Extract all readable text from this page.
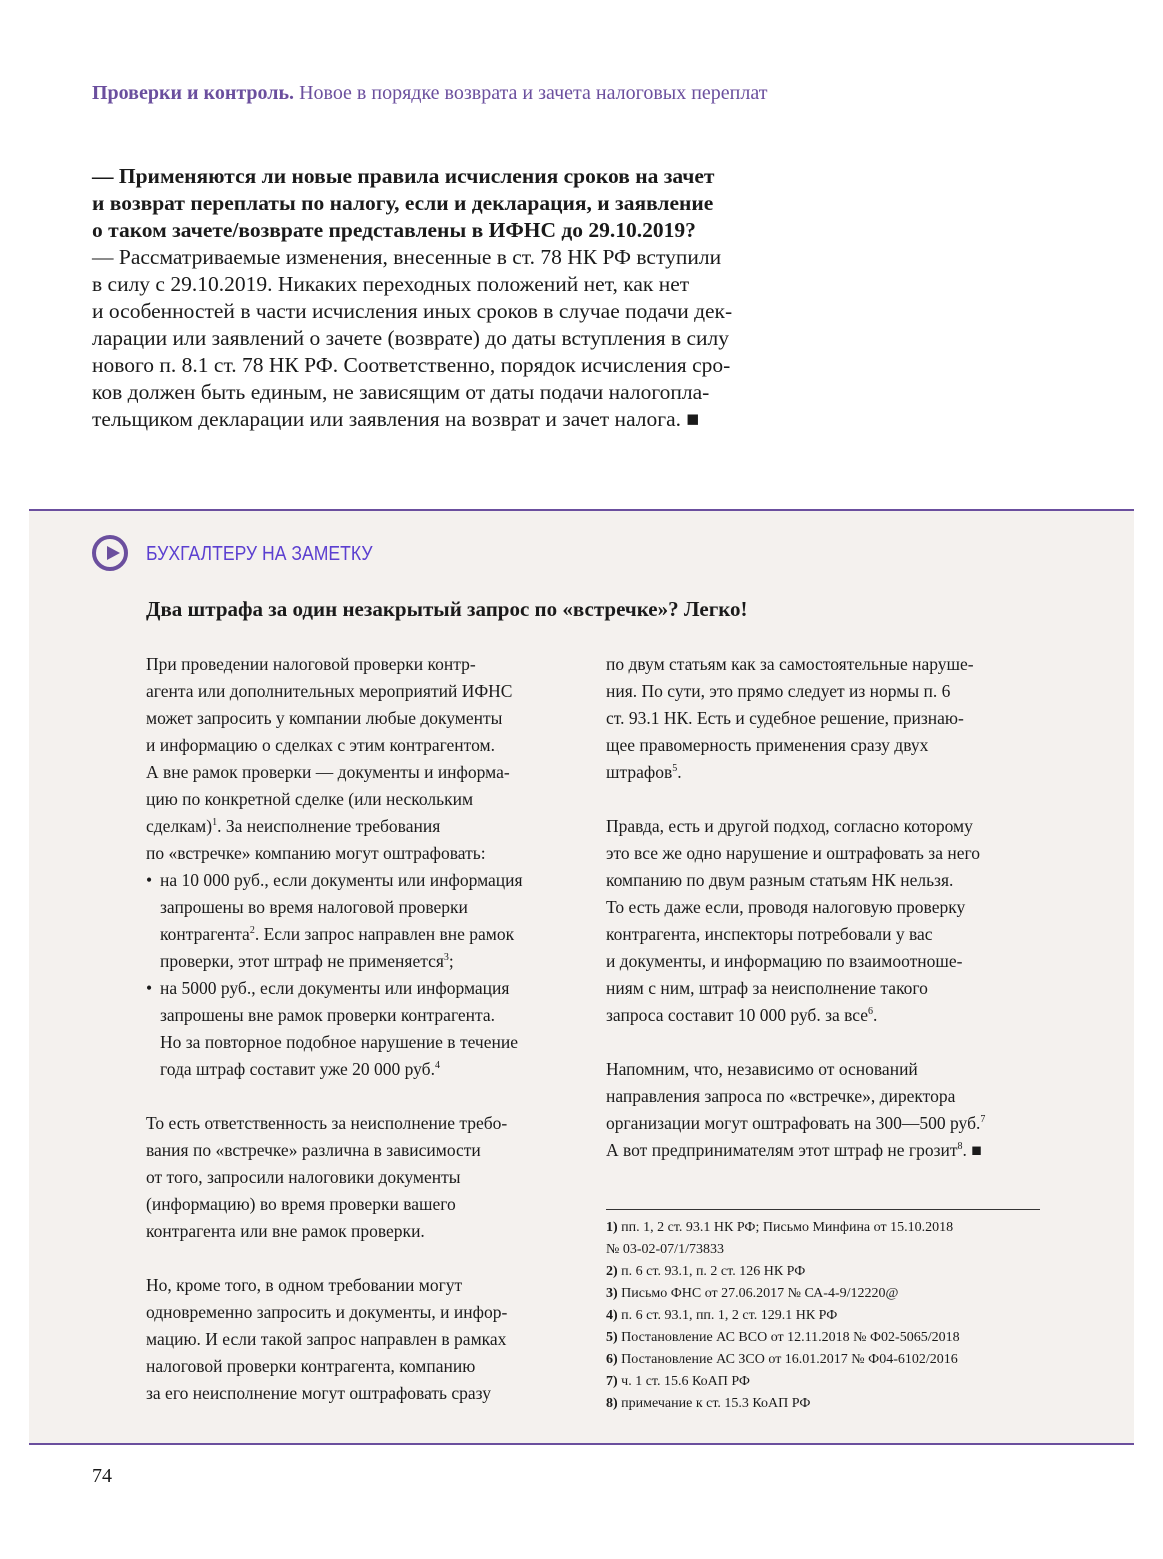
Проверки и контроль. Новое в порядке возврата и зачета налоговых переплат
— Применяются ли новые правила исчисления сроков на зачет
и возврат переплаты по налогу, если и декларация, и заявление
о таком зачете/возврате представлены в ИФНС до 29.10.2019?
— Рассматриваемые изменения, внесенные в ст. 78 НК РФ вступили
в силу с 29.10.2019. Никаких переходных положений нет, как нет
и особенностей в части исчисления иных сроков в случае подачи дек-
ларации или заявлений о зачете (возврате) до даты вступления в силу
нового п. 8.1 ст. 78 НК РФ. Соответственно, порядок исчисления сро-
ков должен быть единым, не зависящим от даты подачи налогопла-
тельщиком декларации или заявления на возврат и зачет налога. ■
БУХГАЛТЕРУ НА ЗАМЕТКУ
Два штрафа за один незакрытый запрос по «встречке»? Легко!

При проведении налоговой проверки контр-
агента или дополнительных мероприятий ИФНС
может запросить у компании любые документы
и информацию о сделках с этим контрагентом.
А вне рамок проверки — документы и информа-
цию по конкретной сделке (или нескольким
сделкам)$^1$. За неисполнение требования
по «встречке» компанию могут оштрафовать:
• на 10 000 руб., если документы или информация
запрошены во время налоговой проверки
контрагента$^2$. Если запрос направлен вне рамок
проверки, этот штраф не применяется$^3$;
• на 5000 руб., если документы или информация
запрошены вне рамок проверки контрагента.
Но за повторное подобное нарушение в течение
года штраф составит уже 20 000 руб.$^4$

То есть ответственность за неисполнение требо-
вания по «встречке» различна в зависимости
от того, запросили налоговики документы
(информацию) во время проверки вашего
контрагента или вне рамок проверки.

Но, кроме того, в одном требовании могут
одновременно запросить и документы, и инфор-
мацию. И если такой запрос направлен в рамках
налоговой проверки контрагента, компанию
за его неисполнение могут оштрафовать сразу

по двум статьям как за самостоятельные наруше-
ния. По сути, это прямо следует из нормы п. 6
ст. 93.1 НК. Есть и судебное решение, признаю-
щее правомерность применения сразу двух
штрафов$^5$.

Правда, есть и другой подход, согласно которому
это все же одно нарушение и оштрафовать за него
компанию по двум разным статьям НК нельзя.
То есть даже если, проводя налоговую проверку
контрагента, инспекторы потребовали у вас
и документы, и информацию по взаимоотноше-
ниям с ним, штраф за неисполнение такого
запроса составит 10 000 руб. за все$^6$.

Напомним, что, независимо от оснований
направления запроса по «встречке», директора
организации могут оштрафовать на 300—500 руб.$^7$
А вот предпринимателям этот штраф не грозит$^8$. ■

1) пп. 1, 2 ст. 93.1 НК РФ; Письмо Минфина от 15.10.2018
№ 03-02-07/1/73833
2) п. 6 ст. 93.1, п. 2 ст. 126 НК РФ
3) Письмо ФНС от 27.06.2017 № СА-4-9/12220@
4) п. 6 ст. 93.1, пп. 1, 2 ст. 129.1 НК РФ
5) Постановление АС ВСО от 12.11.2018 № Ф02-5065/2018
6) Постановление АС ЗСО от 16.01.2017 № Ф04-6102/2016
7) ч. 1 ст. 15.6 КоАП РФ
8) примечание к ст. 15.3 КоАП РФ
74
